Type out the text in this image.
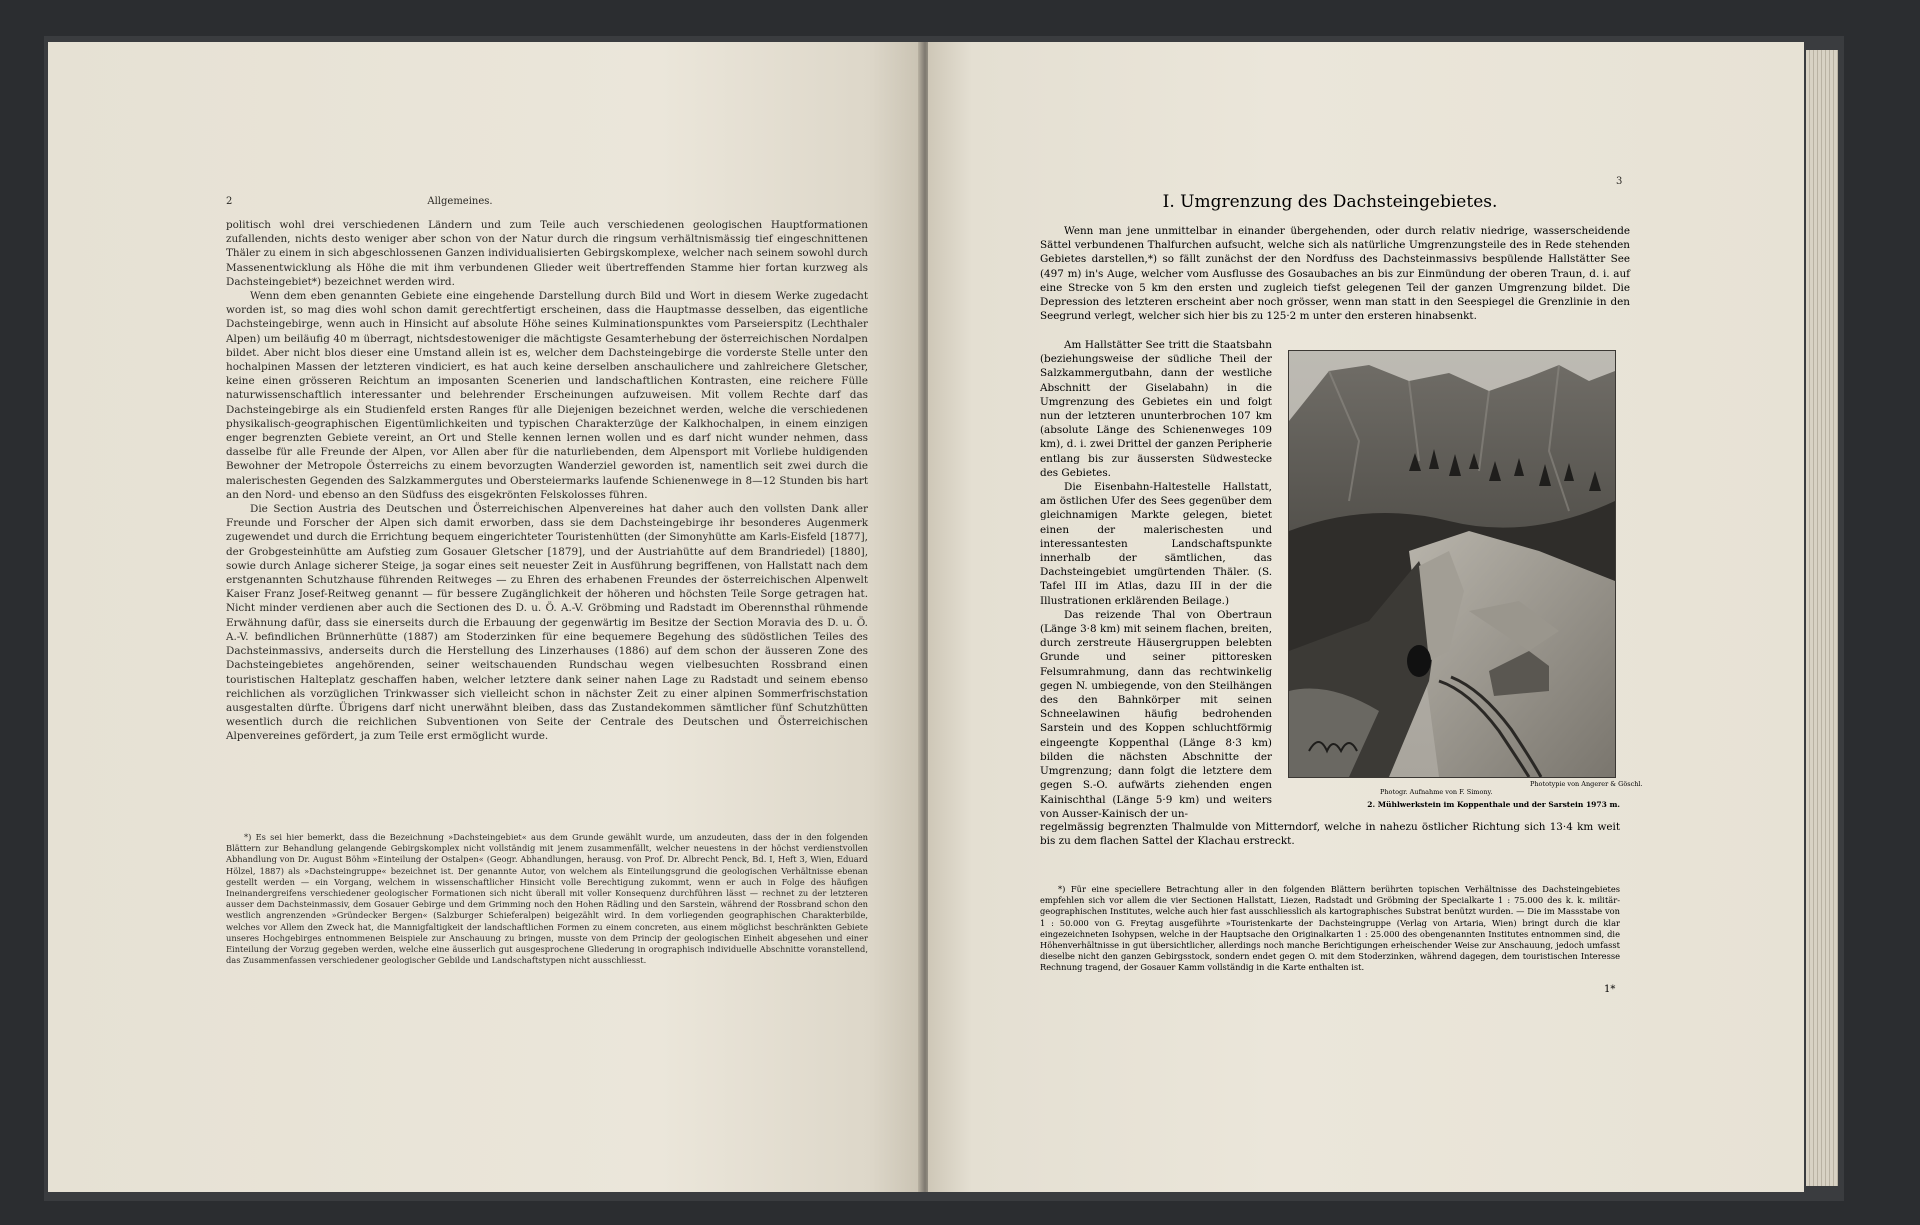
2	Allgemeines.

politisch wohl drei verschiedenen Ländern und zum Teile auch verschiedenen geologischen Hauptformationen zufallenden, nichts desto weniger aber schon von der Natur durch die ringsum verhältnismässig tief eingeschnittenen Thäler zu einem in sich abgeschlossenen Ganzen individualisierten Gebirgskomplexe, welcher nach seinem sowohl durch Massenentwicklung als Höhe die mit ihm verbundenen Glieder weit übertreffenden Stamme hier fortan kurzweg als Dachsteingebiet*) bezeichnet werden wird.

Wenn dem eben genannten Gebiete eine eingehende Darstellung durch Bild und Wort in diesem Werke zugedacht worden ist, so mag dies wohl schon damit gerechtfertigt erscheinen, dass die Hauptmasse desselben, das eigentliche Dachsteingebirge, wenn auch in Hinsicht auf absolute Höhe seines Kulminationspunktes vom Parseierspitz (Lechthaler Alpen) um beiläufig 40 m überragt, nichtsdestoweniger die mächtigste Gesamterhebung der österreichischen Nordalpen bildet. Aber nicht blos dieser eine Umstand allein ist es, welcher dem Dachsteingebirge die vorderste Stelle unter den hochalpinen Massen der letzteren vindiciert, es hat auch keine derselben anschaulichere und zahlreichere Gletscher, keine einen grösseren Reichtum an imposanten Scenerien und landschaftlichen Kontrasten, eine reichere Fülle naturwissenschaftlich interessanter und belehrender Erscheinungen aufzuweisen. Mit vollem Rechte darf das Dachsteingebirge als ein Studienfeld ersten Ranges für alle Diejenigen bezeichnet werden, welche die verschiedenen physikalisch-geographischen Eigentümlichkeiten und typischen Charakterzüge der Kalkhochalpen, in einem einzigen enger begrenzten Gebiete vereint, an Ort und Stelle kennen lernen wollen und es darf nicht wunder nehmen, dass dasselbe für alle Freunde der Alpen, vor Allen aber für die naturliebenden, dem Alpensport mit Vorliebe huldigenden Bewohner der Metropole Österreichs zu einem bevorzugten Wanderziel geworden ist, namentlich seit zwei durch die malerischesten Gegenden des Salzkammergutes und Obersteiermarks laufende Schienenwege in 8—12 Stunden bis hart an den Nord- und ebenso an den Südfuss des eisgekrönten Felskolosses führen.

Die Section Austria des Deutschen und Österreichischen Alpenvereines hat daher auch den vollsten Dank aller Freunde und Forscher der Alpen sich damit erworben, dass sie dem Dachsteingebirge ihr besonderes Augenmerk zugewendet und durch die Errichtung bequem eingerichteter Touristenhütten (der Simonyhütte am Karls-Eisfeld [1877], der Grobgesteinhütte am Aufstieg zum Gosauer Gletscher [1879], und der Austriahütte auf dem Brandriedel) [1880], sowie durch Anlage sicherer Steige, ja sogar eines seit neuester Zeit in Ausführung begriffenen, von Hallstatt nach dem erstgenannten Schutzhause führenden Reitweges — zu Ehren des erhabenen Freundes der österreichischen Alpenwelt Kaiser Franz Josef-Reitweg genannt — für bessere Zugänglichkeit der höheren und höchsten Teile Sorge getragen hat. Nicht minder verdienen aber auch die Sectionen des D. u. Ö. A.-V. Gröbming und Radstadt im Oberennsthal rühmende Erwähnung dafür, dass sie einerseits durch die Erbauung der gegenwärtig im Besitze der Section Moravia des D. u. Ö. A.-V. befindlichen Brünnerhütte (1887) am Stoderzinken für eine bequemere Begehung des südöstlichen Teiles des Dachsteinmassivs, anderseits durch die Herstellung des Linzerhauses (1886) auf dem schon der äusseren Zone des Dachsteingebietes angehörenden, seiner weitschauenden Rundschau wegen vielbesuchten Rossbrand einen touristischen Halteplatz geschaffen haben, welcher letztere dank seiner nahen Lage zu Radstadt und seinem ebenso reichlichen als vorzüglichen Trinkwasser sich vielleicht schon in nächster Zeit zu einer alpinen Sommerfrischstation ausgestalten dürfte. Übrigens darf nicht unerwähnt bleiben, dass das Zustandekommen sämtlicher fünf Schutzhütten wesentlich durch die reichlichen Subventionen von Seite der Centrale des Deutschen und Österreichischen Alpenvereines gefördert, ja zum Teile erst ermöglicht wurde.

*) Es sei hier bemerkt, dass die Bezeichnung »Dachsteingebiet« aus dem Grunde gewählt wurde, um anzudeuten, dass der in den folgenden Blättern zur Behandlung gelangende Gebirgskomplex nicht vollständig mit jenem zusammenfällt, welcher neuestens in der höchst verdienstvollen Abhandlung von Dr. August Böhm »Einteilung der Ostalpen« (Geogr. Abhandlungen, herausg. von Prof. Dr. Albrecht Penck, Bd. I, Heft 3, Wien, Eduard Hölzel, 1887) als »Dachsteingruppe« bezeichnet ist. Der genannte Autor, von welchem als Einteilungsgrund die geologischen Verhältnisse ebenan gestellt werden — ein Vorgang, welchem in wissenschaftlicher Hinsicht volle Berechtigung zukommt, wenn er auch in Folge des häufigen Ineinandergreifens verschiedener geologischer Formationen sich nicht überall mit voller Konsequenz durchführen lässt — rechnet zu der letzteren ausser dem Dachsteinmassiv, dem Gosauer Gebirge und dem Grimming noch den Hohen Rädling und den Sarstein, während der Rossbrand schon den westlich angrenzenden »Gründecker Bergen« (Salzburger Schieferalpen) beigezählt wird. In dem vorliegenden geographischen Charakterbilde, welches vor Allem den Zweck hat, die Mannigfaltigkeit der landschaftlichen Formen zu einem concreten, aus einem möglichst beschränkten Gebiete unseres Hochgebirges entnommenen Beispiele zur Anschauung zu bringen, musste von dem Princip der geologischen Einheit abgesehen und einer Einteilung der Vorzug gegeben werden, welche eine äusserlich gut ausgesprochene Gliederung in orographisch individuelle Abschnitte voranstellend, das Zusammenfassen verschiedener geologischer Gebilde und Landschaftstypen nicht ausschliesst.

3
I. Umgrenzung des Dachsteingebietes.

Wenn man jene unmittelbar in einander übergehenden, oder durch relativ niedrige, wasserscheidende Sättel verbundenen Thalfurchen aufsucht, welche sich als natürliche Umgrenzungsteile des in Rede stehenden Gebietes darstellen,*) so fällt zunächst der den Nordfuss des Dachsteinmassivs bespülende Hallstätter See (497 m) in's Auge, welcher vom Ausflusse des Gosaubaches an bis zur Einmündung der oberen Traun, d. i. auf eine Strecke von 5 km den ersten und zugleich tiefst gelegenen Teil der ganzen Umgrenzung bildet. Die Depression des letzteren erscheint aber noch grösser, wenn man statt in den Seespiegel die Grenzlinie in den Seegrund verlegt, welcher sich hier bis zu 125·2 m unter den ersteren hinabsenkt.

Am Hallstätter See tritt die Staatsbahn (beziehungsweise der südliche Theil der Salzkammergutbahn, dann der westliche Abschnitt der Giselabahn) in die Umgrenzung des Gebietes ein und folgt nun der letzteren ununterbrochen 107 km (absolute Länge des Schienenweges 109 km), d. i. zwei Drittel der ganzen Peripherie entlang bis zur äussersten Südwestecke des Gebietes.

Die Eisenbahn-Haltestelle Hallstatt, am östlichen Ufer des Sees gegenüber dem gleichnamigen Markte gelegen, bietet einen der malerischesten und interessantesten Landschaftspunkte innerhalb der sämtlichen, das Dachsteingebiet umgürtenden Thäler. (S. Tafel III im Atlas, dazu III in der die Illustrationen erklärenden Beilage.)

Das reizende Thal von Obertraun (Länge 3·8 km) mit seinem flachen, breiten, durch zerstreute Häusergruppen belebten Grunde und seiner pittoresken Felsumrahmung, dann das rechtwinkelig gegen N. umbiegende, von den Steilhängen des den Bahnkörper mit seinen Schneelawinen häufig bedrohenden Sarstein und des Koppen schluchtförmig eingeengte Koppenthal (Länge 8·3 km) bilden die nächsten Abschnitte der Umgrenzung; dann folgt die letztere dem gegen S.-O. aufwärts ziehenden engen Kainischthal (Länge 5·9 km) und weiters von Ausser-Kainisch der un-

Photogr. Aufnahme von F. Simony.
Phototypie von Angerer & Göschl.
2. Mühlwerkstein im Koppenthale und der Sarstein 1973 m.

regelmässig begrenzten Thalmulde von Mitterndorf, welche in nahezu östlicher Richtung sich 13·4 km weit bis zu dem flachen Sattel der Klachau erstreckt.

*) Für eine speciellere Betrachtung aller in den folgenden Blättern berührten topischen Verhältnisse des Dachsteingebietes empfehlen sich vor allem die vier Sectionen Hallstatt, Liezen, Radstadt und Gröbming der Specialkarte 1 : 75.000 des k. k. militär-geographischen Institutes, welche auch hier fast ausschliesslich als kartographisches Substrat benützt wurden. — Die im Massstabe von 1 : 50.000 von G. Freytag ausgeführte »Touristenkarte der Dachsteingruppe (Verlag von Artaria, Wien) bringt durch die klar eingezeichneten Isohypsen, welche in der Hauptsache den Originalkarten 1 : 25.000 des obengenannten Institutes entnommen sind, die Höhenverhältnisse in gut übersichtlicher, allerdings noch manche Berichtigungen erheischender Weise zur Anschauung, jedoch umfasst dieselbe nicht den ganzen Gebirgsstock, sondern endet gegen O. mit dem Stoderzinken, während dagegen, dem touristischen Interesse Rechnung tragend, der Gosauer Kamm vollständig in die Karte enthalten ist.

1*
